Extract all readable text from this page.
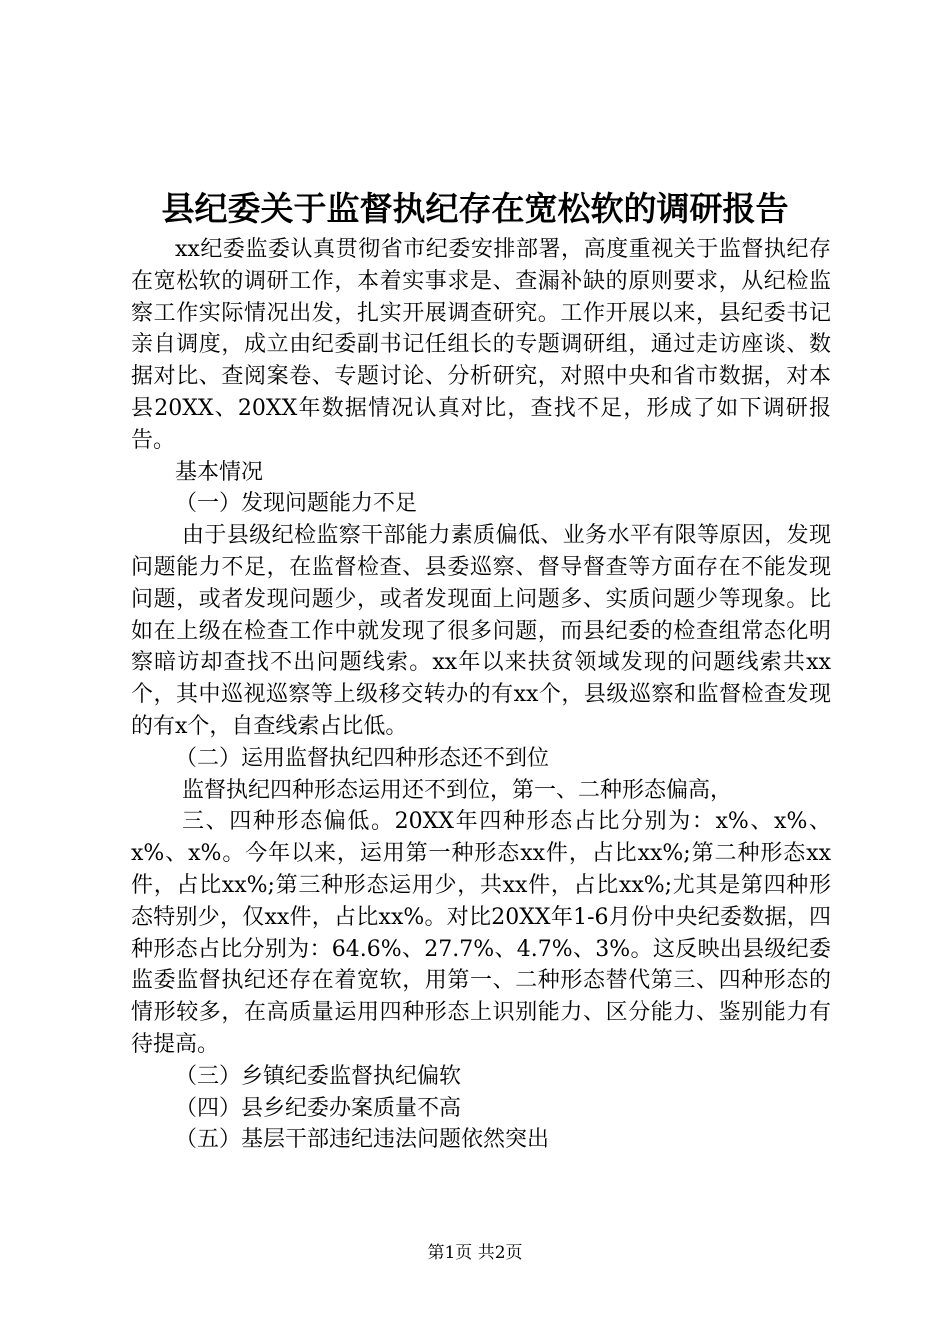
县纪委关于监督执纪存在宽松软的调研报告

xx纪委监委认真贯彻省市纪委安排部署，高度重视关于监督执纪存在宽松软的调研工作，本着实事求是、查漏补缺的原则要求，从纪检监察工作实际情况出发，扎实开展调查研究。工作开展以来，县纪委书记亲自调度，成立由纪委副书记任组长的专题调研组，通过走访座谈、数据对比、查阅案卷、专题讨论、分析研究，对照中央和省市数据，对本县20XX、20XX年数据情况认真对比，查找不足，形成了如下调研报告。

基本情况

（一）发现问题能力不足

由于县级纪检监察干部能力素质偏低、业务水平有限等原因，发现问题能力不足，在监督检查、县委巡察、督导督查等方面存在不能发现问题，或者发现问题少，或者发现面上问题多、实质问题少等现象。比如在上级在检查工作中就发现了很多问题，而县纪委的检查组常态化明察暗访却查找不出问题线索。xx年以来扶贫领域发现的问题线索共xx个，其中巡视巡察等上级移交转办的有xx个，县级巡察和监督检查发现的有x个，自查线索占比低。

（二）运用监督执纪四种形态还不到位

监督执纪四种形态运用还不到位，第一、二种形态偏高，

三、四种形态偏低。20XX年四种形态占比分别为：x%、x%、x%、x%。今年以来，运用第一种形态xx件，占比xx%;第二种形态xx件，占比xx%;第三种形态运用少，共xx件，占比xx%;尤其是第四种形态特别少，仅xx件，占比xx%。对比20XX年1-6月份中央纪委数据，四种形态占比分别为：64.6%、27.7%、4.7%、3%。这反映出县级纪委监委监督执纪还存在着宽软，用第一、二种形态替代第三、四种形态的情形较多，在高质量运用四种形态上识别能力、区分能力、鉴别能力有待提高。

（三）乡镇纪委监督执纪偏软

（四）县乡纪委办案质量不高

（五）基层干部违纪违法问题依然突出

第1页 共2页
